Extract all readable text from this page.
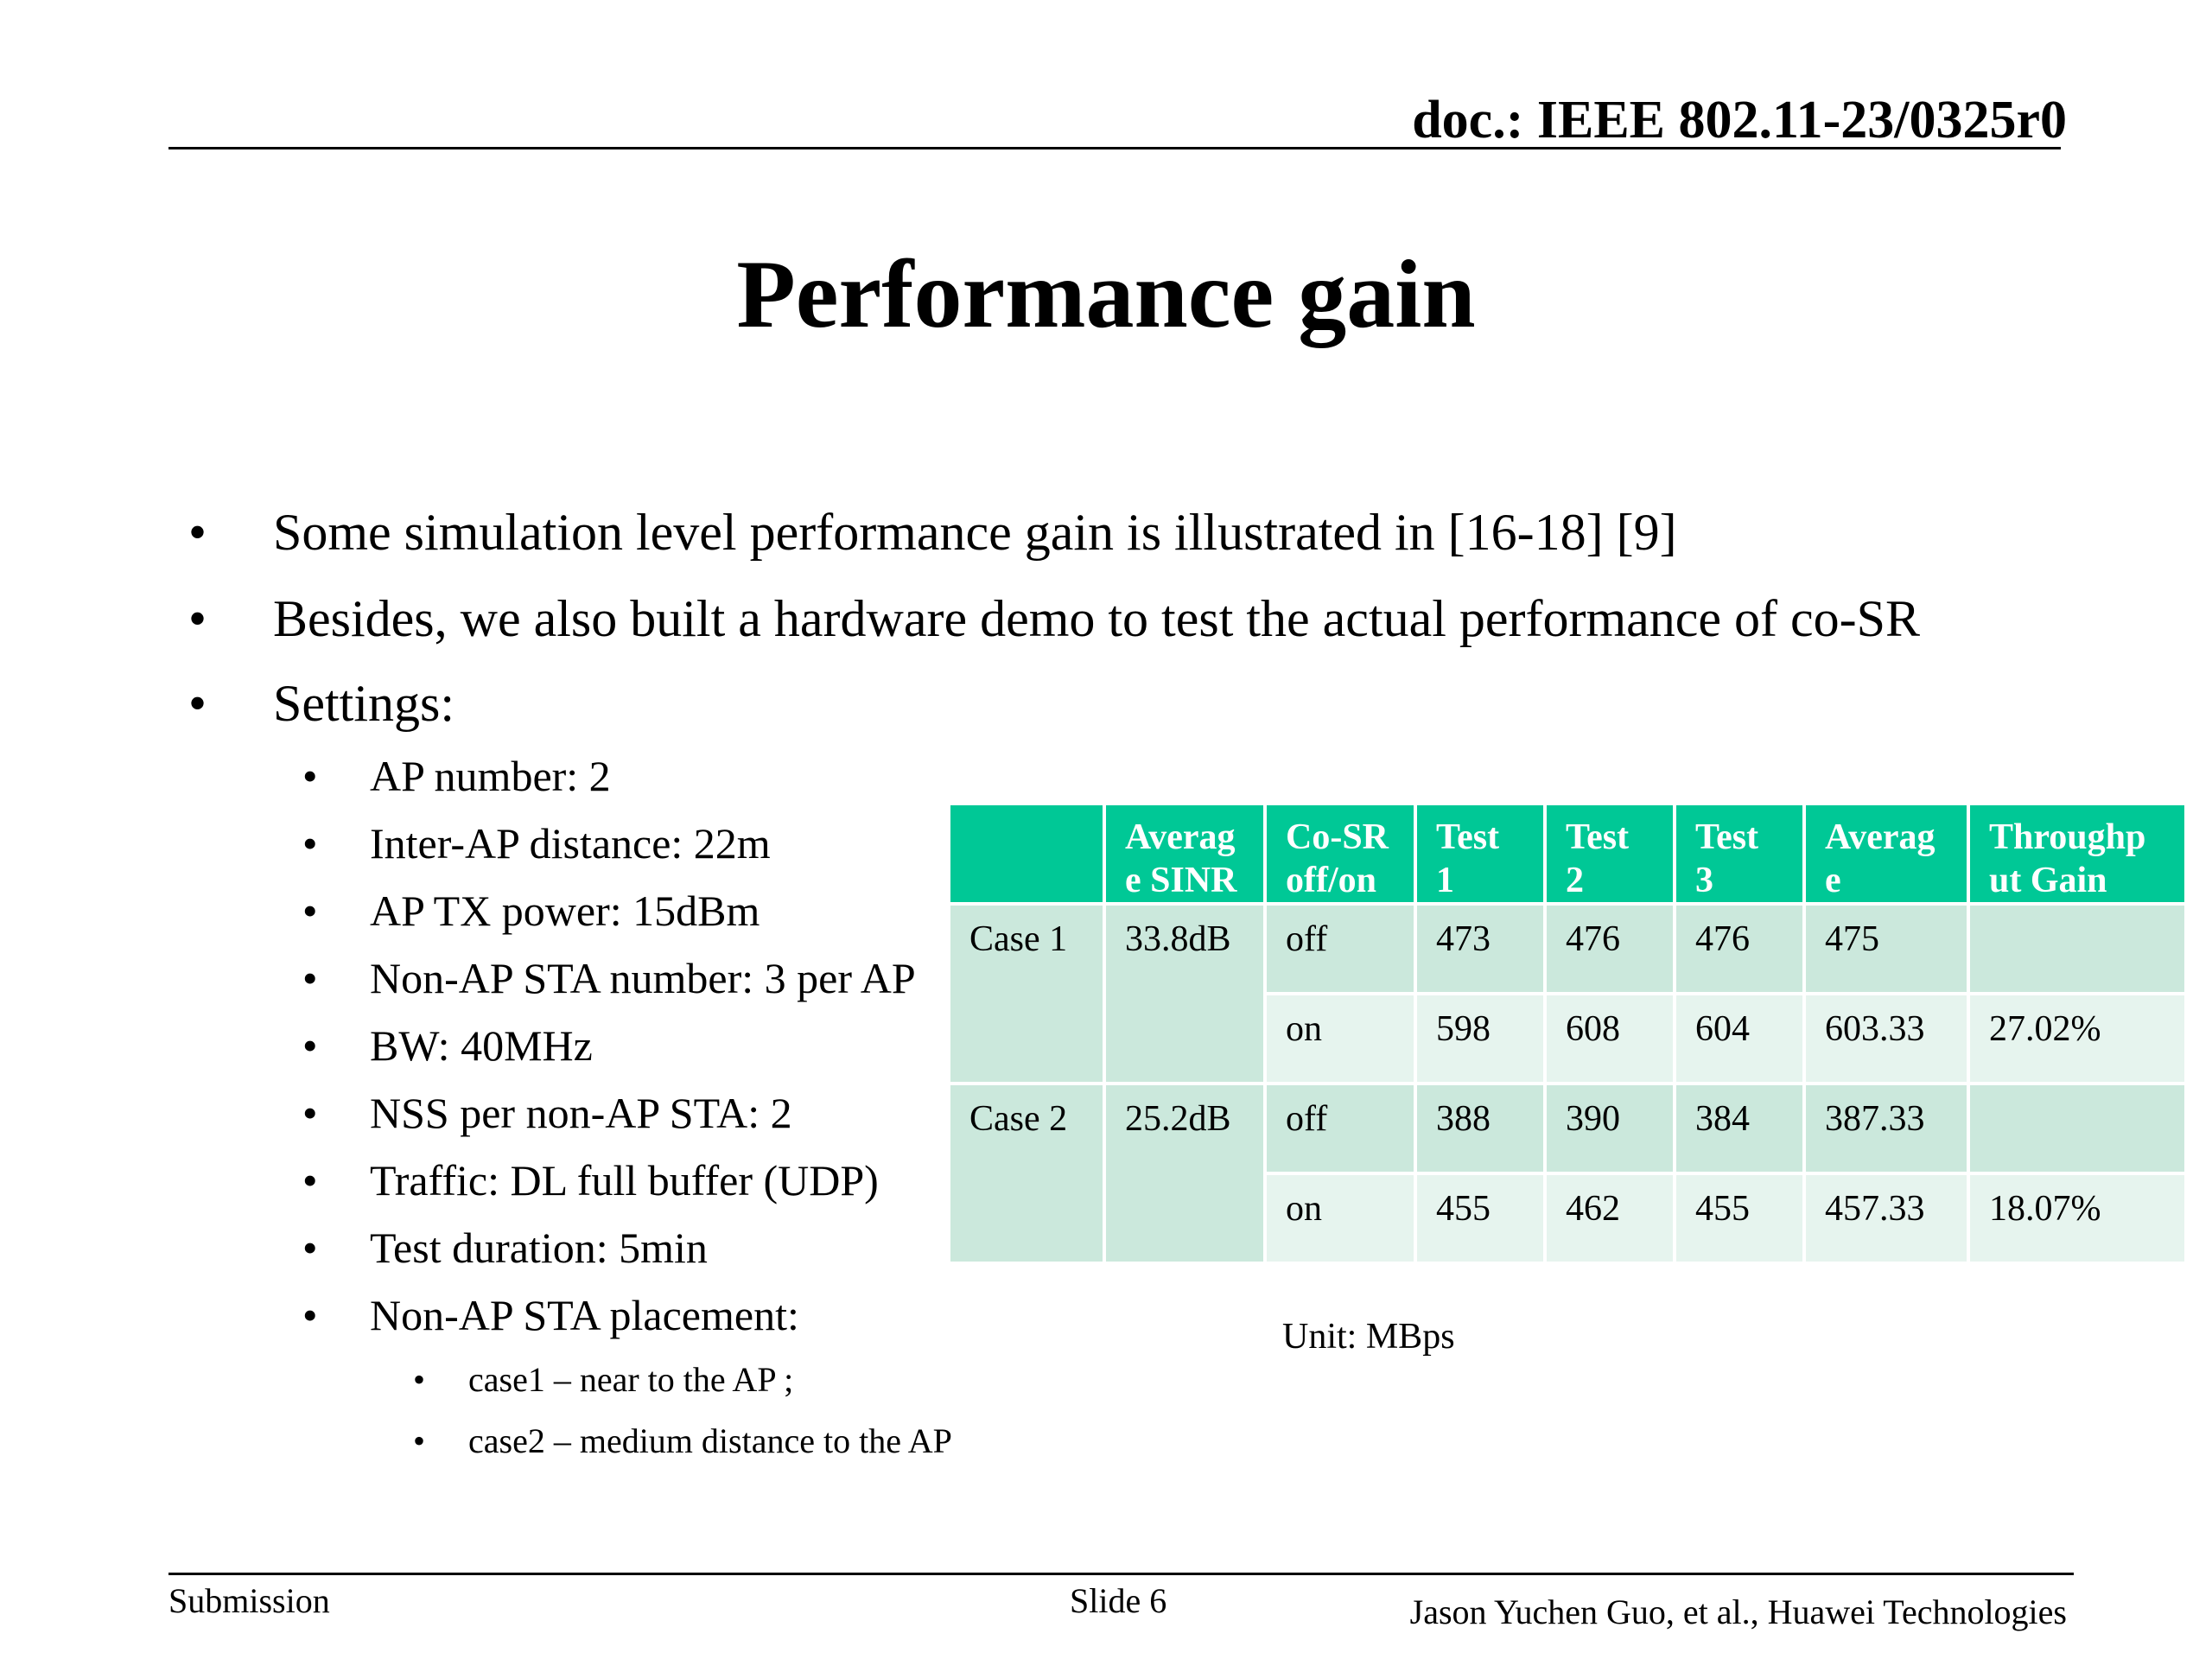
doc.: IEEE 802.11-23/0325r0
Performance gain
• Some simulation level performance gain is illustrated in [16-18] [9]
• Besides, we also built a hardware demo to test the actual performance of co-SR
• Settings:
• AP number: 2
• Inter-AP distance: 22m
• AP TX power: 15dBm
• Non-AP STA number: 3 per AP
• BW: 40MHz
• NSS per non-AP STA: 2
• Traffic: DL full buffer (UDP)
• Test duration: 5min
• Non-AP STA placement:
• case1 – near to the AP ;
• case2 – medium distance to the AP
	Average SINR	Co-SR off/on	Test 1	Test 2	Test 3	Average	Throughput Gain
Case 1	33.8dB	off	473	476	476	475	
		on	598	608	604	603.33	27.02%
Case 2	25.2dB	off	388	390	384	387.33	
		on	455	462	455	457.33	18.07%
Unit: MBps
Submission	Slide 6	Jason Yuchen Guo, et al., Huawei Technologies
